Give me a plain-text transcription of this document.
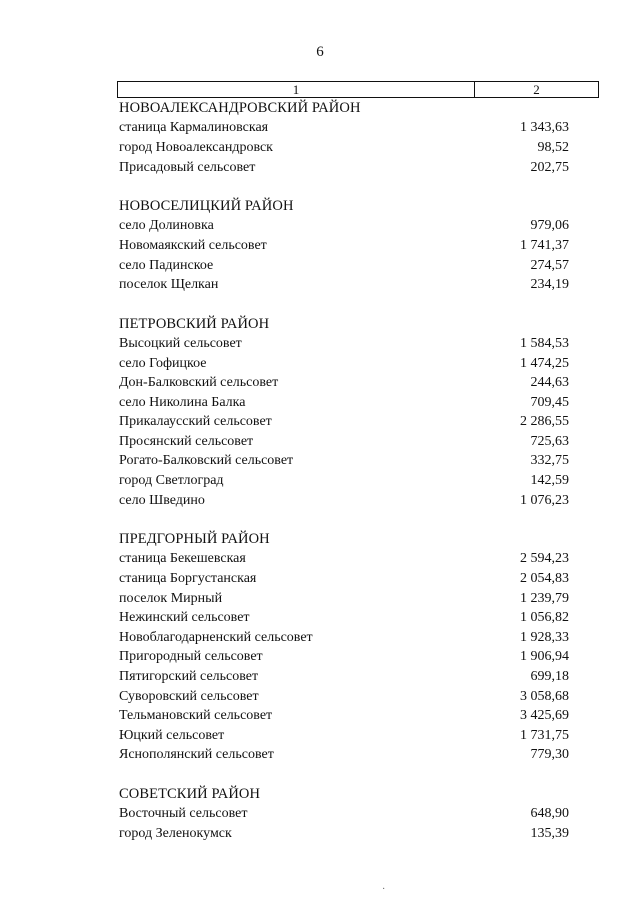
6
1	2
НОВОАЛЕКСАНДРОВСКИЙ РАЙОН
станица Кармалиновская	1 343,63
город Новоалександровск	98,52
Присадовый сельсовет	202,75
НОВОСЕЛИЦКИЙ РАЙОН
село Долиновка	979,06
Новомаякский сельсовет	1 741,37
село Падинское	274,57
поселок Щелкан	234,19
ПЕТРОВСКИЙ РАЙОН
Высоцкий сельсовет	1 584,53
село Гофицкое	1 474,25
Дон-Балковский сельсовет	244,63
село Николина Балка	709,45
Прикалаусский сельсовет	2 286,55
Просянский сельсовет	725,63
Рогато-Балковский сельсовет	332,75
город Светлоград	142,59
село Шведино	1 076,23
ПРЕДГОРНЫЙ РАЙОН
станица Бекешевская	2 594,23
станица Боргустанская	2 054,83
поселок Мирный	1 239,79
Нежинский сельсовет	1 056,82
Новоблагодарненский сельсовет	1 928,33
Пригородный сельсовет	1 906,94
Пятигорский сельсовет	699,18
Суворовский сельсовет	3 058,68
Тельмановский сельсовет	3 425,69
Юцкий сельсовет	1 731,75
Яснополянский сельсовет	779,30
СОВЕТСКИЙ РАЙОН
Восточный сельсовет	648,90
город Зеленокумск	135,39
·
